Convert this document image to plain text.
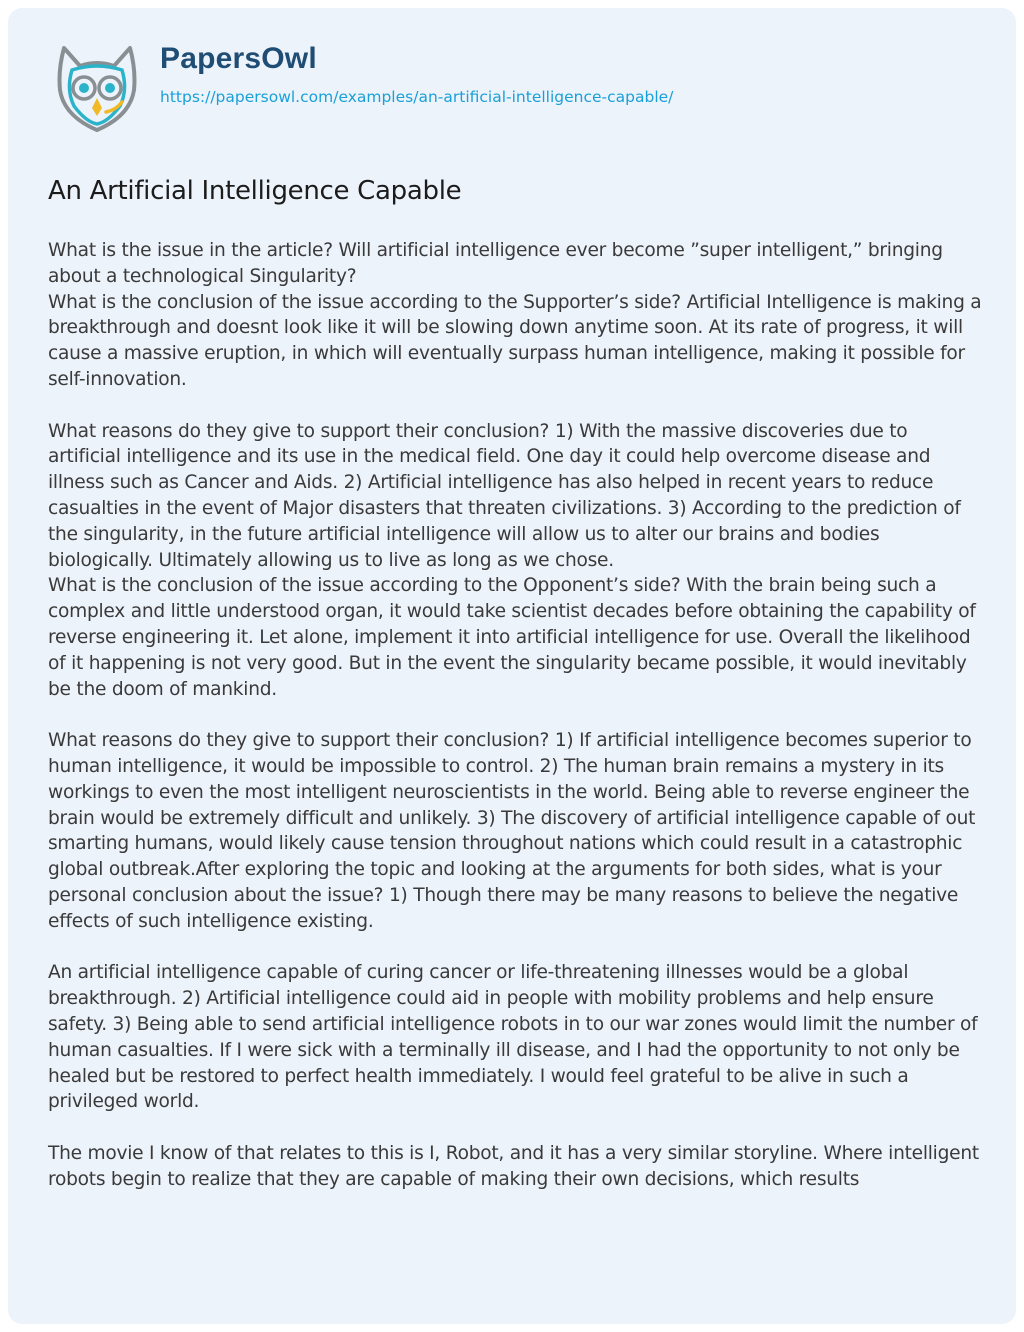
PapersOwl
https://papersowl.com/examples/an-artificial-intelligence-capable/
An Artificial Intelligence Capable

What is the issue in the article? Will artificial intelligence ever become ”super intelligent,” bringing about a technological Singularity?

What is the conclusion of the issue according to the Supporter’s side? Artificial Intelligence is making a breakthrough and doesnt look like it will be slowing down anytime soon. At its rate of progress, it will cause a massive eruption, in which will eventually surpass human intelligence, making it possible for self-innovation.

What reasons do they give to support their conclusion? 1) With the massive discoveries due to artificial intelligence and its use in the medical field. One day it could help overcome disease and illness such as Cancer and Aids. 2) Artificial intelligence has also helped in recent years to reduce casualties in the event of Major disasters that threaten civilizations. 3) According to the prediction of the singularity, in the future artificial intelligence will allow us to alter our brains and bodies biologically. Ultimately allowing us to live as long as we chose.

What is the conclusion of the issue according to the Opponent’s side? With the brain being such a complex and little understood organ, it would take scientist decades before obtaining the capability of reverse engineering it. Let alone, implement it into artificial intelligence for use. Overall the likelihood of it happening is not very good. But in the event the singularity became possible, it would inevitably be the doom of mankind.

What reasons do they give to support their conclusion? 1) If artificial intelligence becomes superior to human intelligence, it would be impossible to control. 2) The human brain remains a mystery in its workings to even the most intelligent neuroscientists in the world. Being able to reverse engineer the brain would be extremely difficult and unlikely. 3) The discovery of artificial intelligence capable of out smarting humans, would likely cause tension throughout nations which could result in a catastrophic global outbreak.After exploring the topic and looking at the arguments for both sides, what is your personal conclusion about the issue? 1) Though there may be many reasons to believe the negative effects of such intelligence existing.

An artificial intelligence capable of curing cancer or life-threatening illnesses would be a global breakthrough. 2) Artificial intelligence could aid in people with mobility problems and help ensure safety. 3) Being able to send artificial intelligence robots in to our war zones would limit the number of human casualties. If I were sick with a terminally ill disease, and I had the opportunity to not only be healed but be restored to perfect health immediately. I would feel grateful to be alive in such a privileged world.

The movie I know of that relates to this is I, Robot, and it has a very similar storyline. Where intelligent robots begin to realize that they are capable of making their own decisions, which results
